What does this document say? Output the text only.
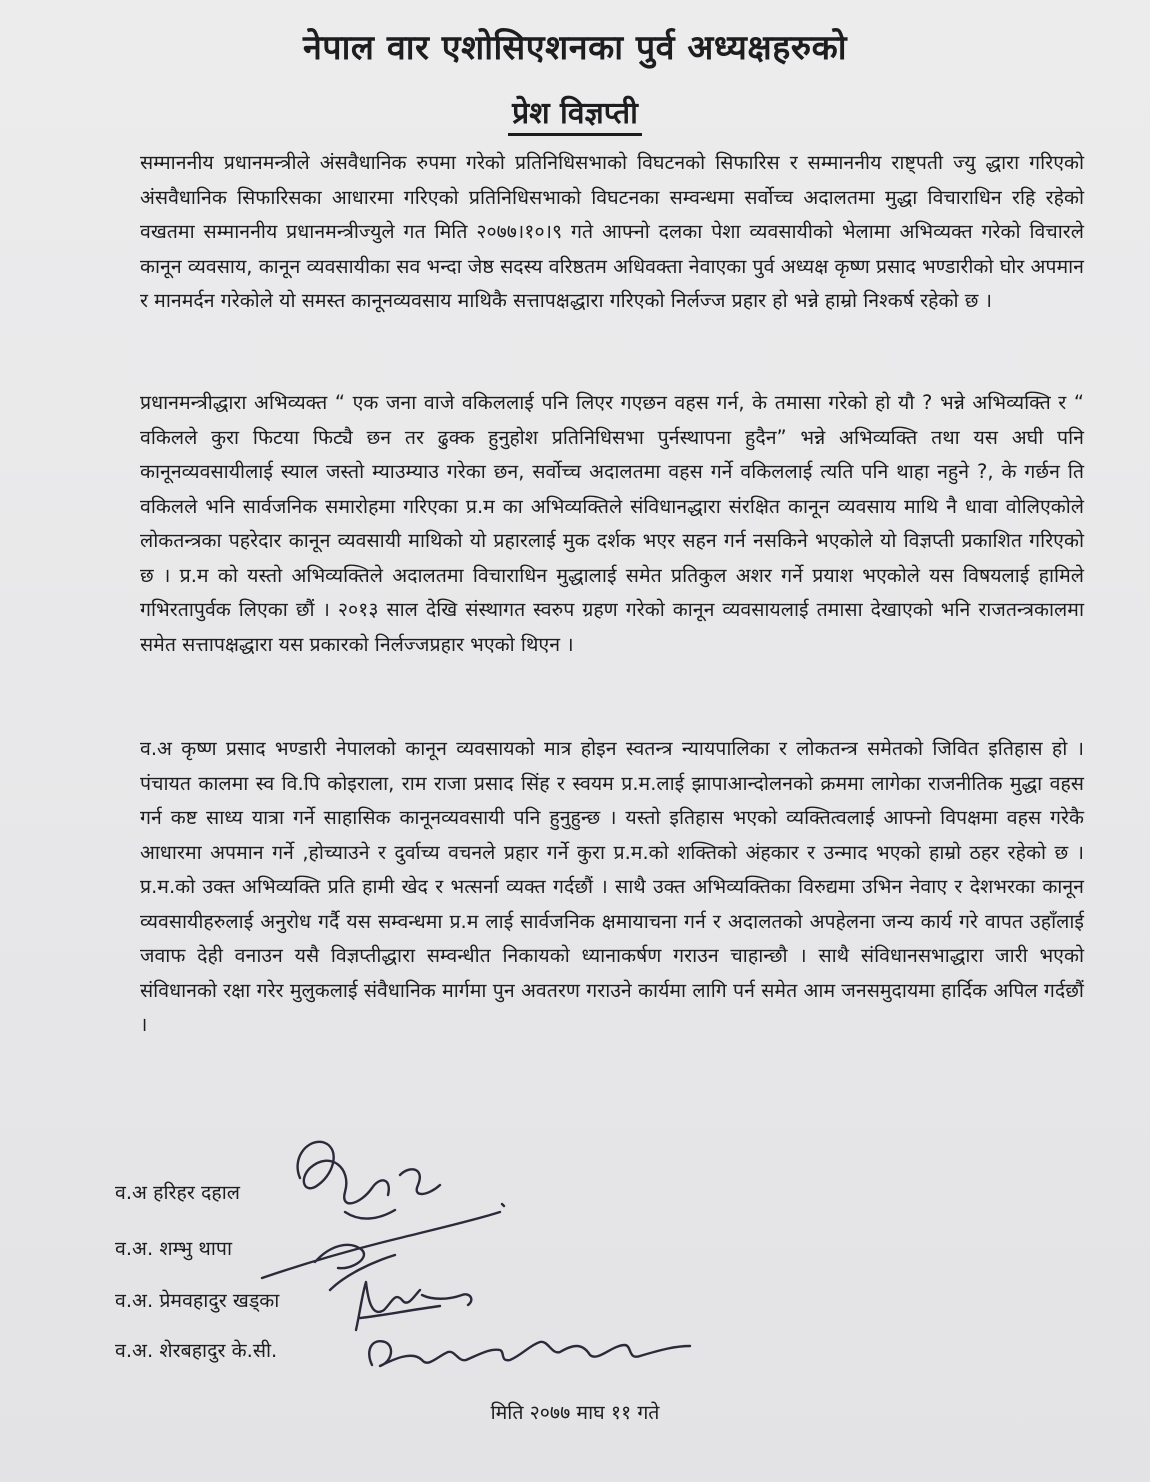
नेपाल वार एशोसिएशनका पुर्व अध्यक्षहरुको
प्रेश विज्ञप्ती

सम्माननीय प्रधानमन्त्रीले अंसवैधानिक रुपमा गरेको प्रतिनिधिसभाको विघटनको सिफारिस र सम्माननीय राष्ट्पती ज्यु द्धारा गरिएको अंसवैधानिक सिफारिसका आधारमा गरिएको प्रतिनिधिसभाको विघटनका सम्वन्धमा सर्वोच्च अदालतमा मुद्धा विचाराधिन रहि रहेको वखतमा सम्माननीय प्रधानमन्त्रीज्युले गत मिति २०७७।१०।९ गते आफ्नो दलका पेशा व्यवसायीको भेलामा अभिव्यक्त गरेको विचारले कानून व्यवसाय, कानून व्यवसायीका सव भन्दा जेष्ठ सदस्य वरिष्ठतम अधिवक्ता नेवाएका पुर्व अध्यक्ष कृष्ण प्रसाद भण्डारीको घोर अपमान र मानमर्दन गरेकोले यो समस्त कानूनव्यवसाय माथिकै सत्तापक्षद्धारा गरिएको निर्लज्ज प्रहार हो भन्ने हाम्रो निश्कर्ष रहेको छ ।

प्रधानमन्त्रीद्धारा अभिव्यक्त “ एक जना वाजे वकिललाई पनि लिएर गएछन वहस गर्न, के तमासा गरेको हो यौ ? भन्ने अभिव्यक्ति र “ वकिलले कुरा फिटया फिट्यै छन तर ढुक्क हुनुहोश प्रतिनिधिसभा पुर्नस्थापना हुदैन” भन्ने अभिव्यक्ति तथा यस अघी पनि कानूनव्यवसायीलाई स्याल जस्तो म्याउम्याउ गरेका छन, सर्वोच्च अदालतमा वहस गर्ने वकिललाई त्यति पनि थाहा नहुने ?, के गर्छन ति वकिलले भनि सार्वजनिक समारोहमा गरिएका प्र.म का अभिव्यक्तिले संविधानद्धारा संरक्षित कानून व्यवसाय माथि नै धावा वोलिएकोले लोकतन्त्रका पहरेदार कानून व्यवसायी माथिको यो प्रहारलाई मुक दर्शक भएर सहन गर्न नसकिने भएकोले यो विज्ञप्ती प्रकाशित गरिएको छ । प्र.म को यस्तो अभिव्यक्तिले अदालतमा विचाराधिन मुद्धालाई समेत प्रतिकुल अशर गर्ने प्रयाश भएकोले यस विषयलाई हामिले गभिरतापुर्वक लिएका छौं । २०१३ साल देखि संस्थागत स्वरुप ग्रहण गरेको कानून व्यवसायलाई तमासा देखाएको भनि राजतन्त्रकालमा समेत सत्तापक्षद्धारा यस प्रकारको निर्लज्जप्रहार भएको थिएन ।

व.अ कृष्ण प्रसाद भण्डारी नेपालको कानून व्यवसायको मात्र होइन स्वतन्त्र न्यायपालिका र लोकतन्त्र समेतको जिवित इतिहास हो । पंचायत कालमा स्व वि.पि कोइराला, राम राजा प्रसाद सिंह र स्वयम प्र.म.लाई झापाआन्दोलनको क्रममा लागेका राजनीतिक मुद्धा वहस गर्न कष्ट साध्य यात्रा गर्ने साहासिक कानूनव्यवसायी पनि हुनुहुन्छ । यस्तो इतिहास भएको व्यक्तित्वलाई आफ्नो विपक्षमा वहस गरेकै आधारमा अपमान गर्ने ,होच्याउने र दुर्वाच्य वचनले प्रहार गर्ने कुरा प्र.म.को शक्तिको अंहकार र उन्माद भएको हाम्रो ठहर रहेको छ । प्र.म.को उक्त अभिव्यक्ति प्रति हामी खेद र भत्सर्ना व्यक्त गर्दछौं । साथै उक्त अभिव्यक्तिका विरुद्यमा उभिन नेवाए र देशभरका कानून व्यवसायीहरुलाई अनुरोध गर्दै यस सम्वन्धमा प्र.म लाई सार्वजनिक क्षमायाचना गर्न र अदालतको अपहेलना जन्य कार्य गरे वापत उहाँलाई जवाफ देही वनाउन यसै विज्ञप्तीद्धारा सम्वन्धीत निकायको ध्यानाकर्षण गराउन चाहान्छौ । साथै संविधानसभाद्धारा जारी भएको संविधानको रक्षा गरेर मुलुकलाई संवैधानिक मार्गमा पुन अवतरण गराउने कार्यमा लागि पर्न समेत आम जनसमुदायमा हार्दिक अपिल गर्दछौं ।

व.अ हरिहर दहाल
व.अ. शम्भु थापा
व.अ. प्रेमवहादुर खड्का
व.अ. शेरबहादुर के.सी.
मिति २०७७ माघ ११ गते
